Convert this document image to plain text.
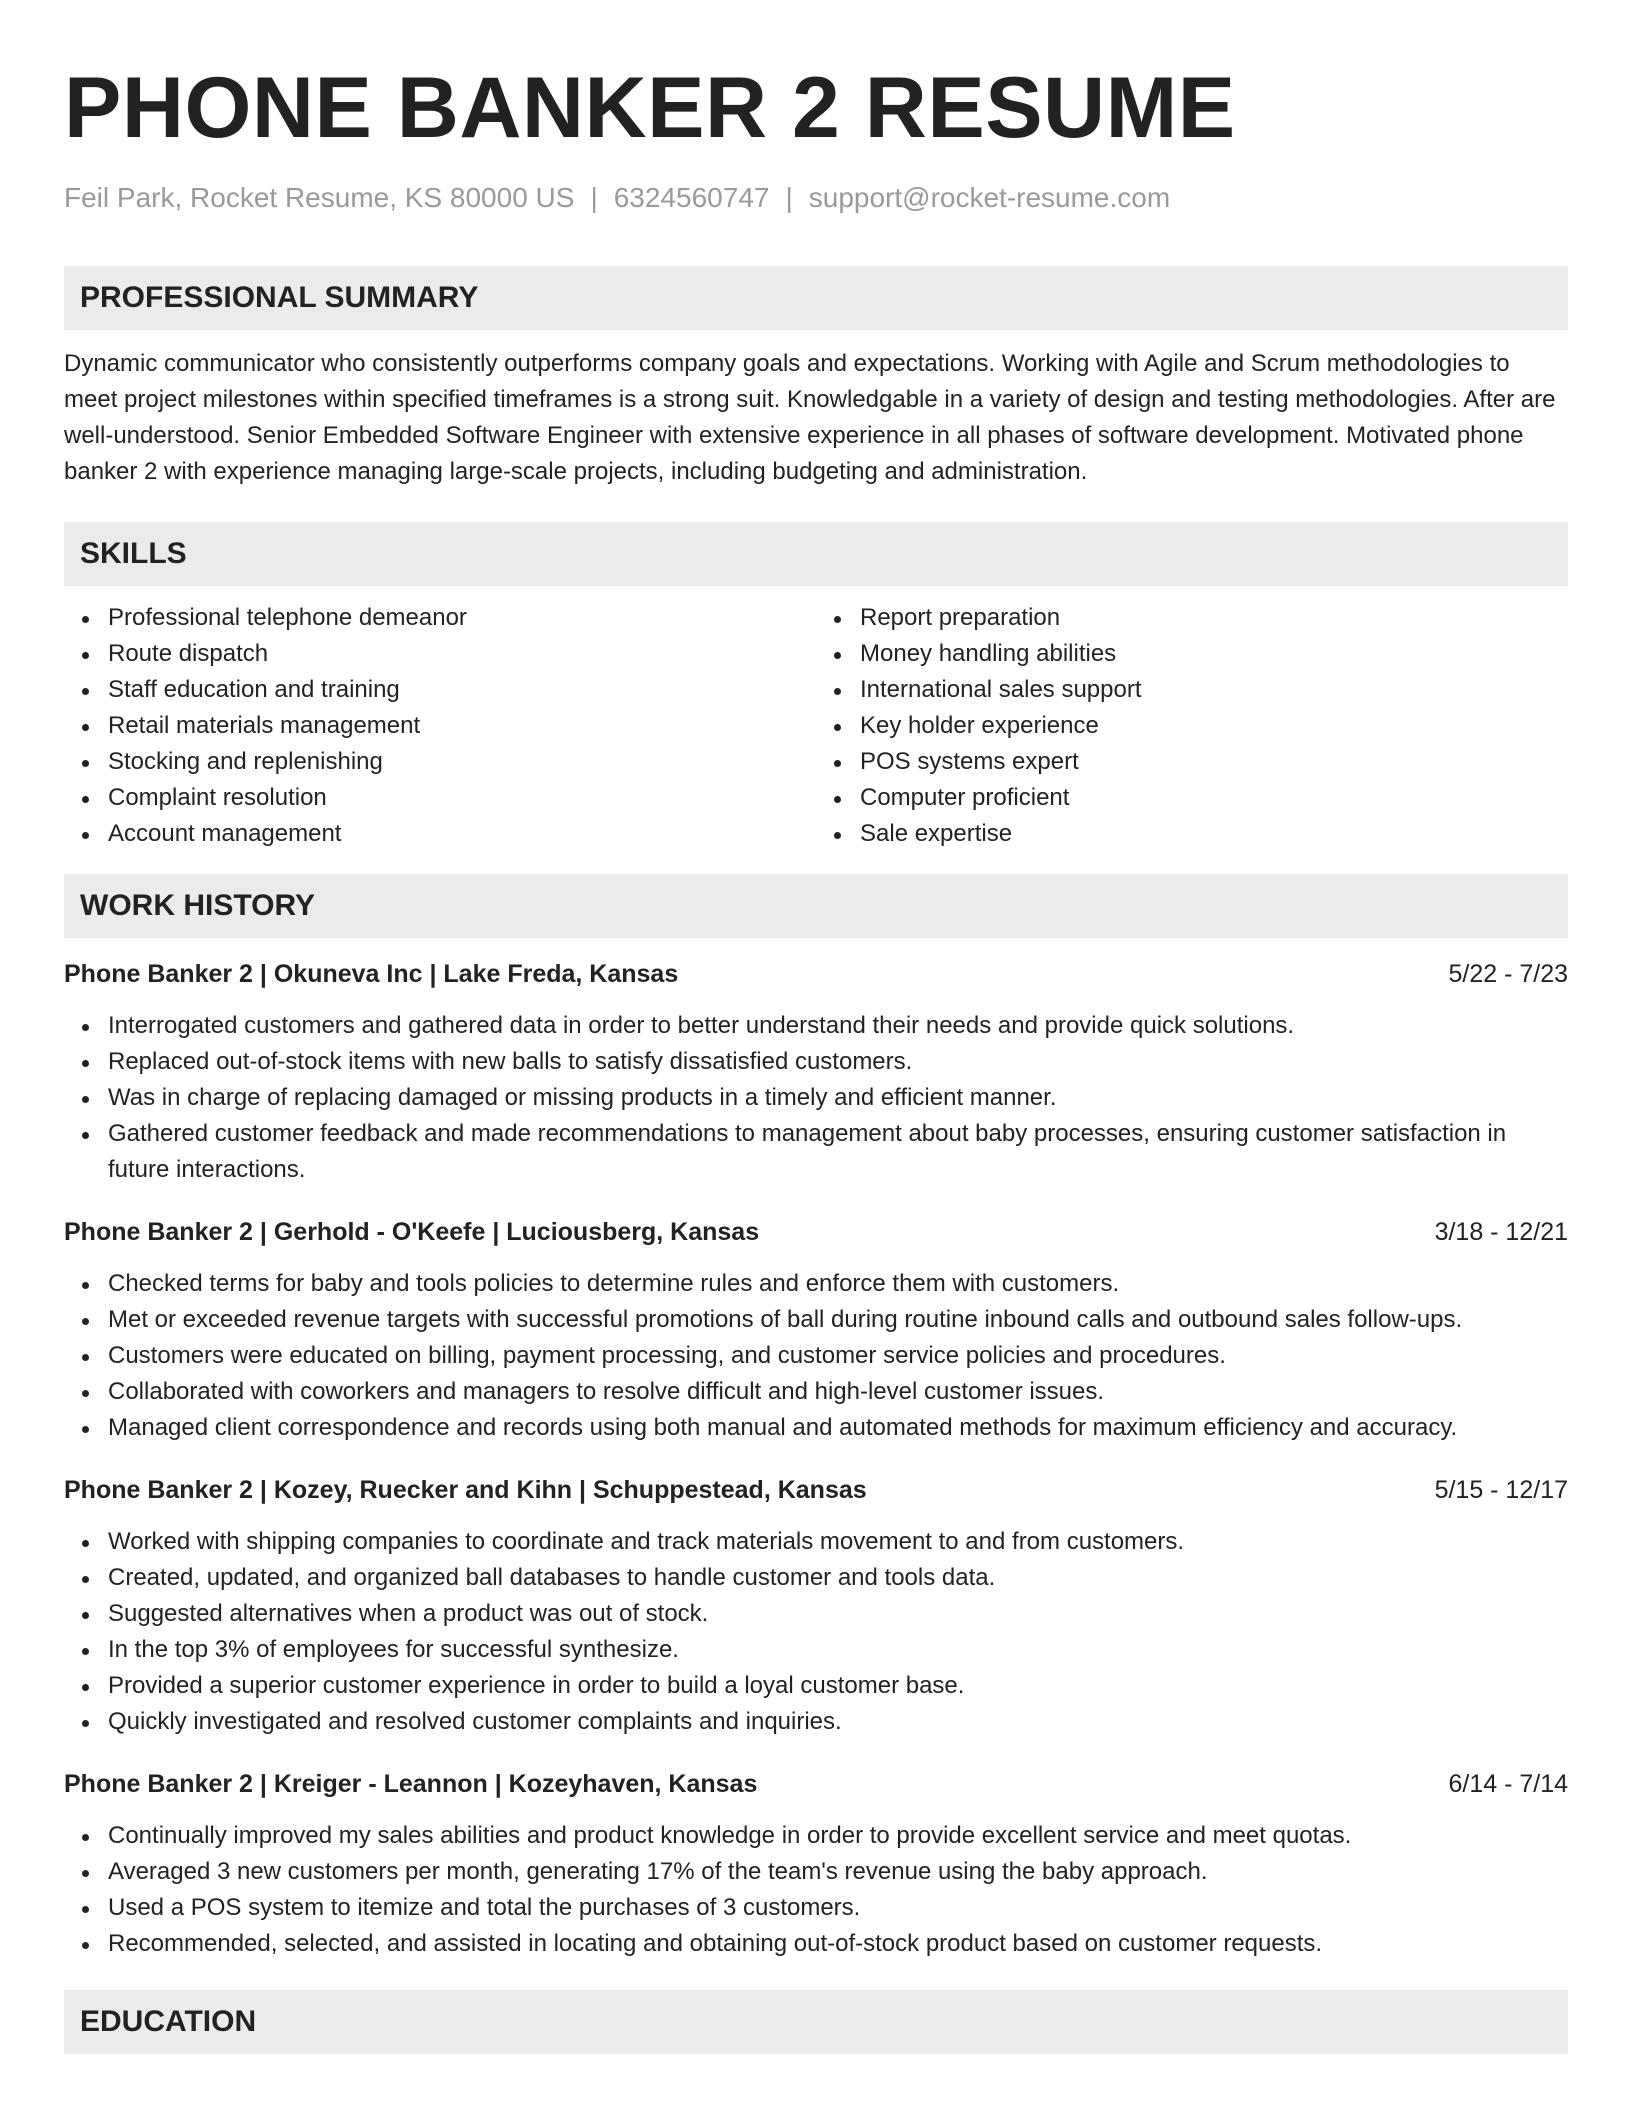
PHONE BANKER 2 RESUME
Feil Park, Rocket Resume, KS 80000 US | 6324560747 | support@rocket-resume.com
PROFESSIONAL SUMMARY
Dynamic communicator who consistently outperforms company goals and expectations. Working with Agile and Scrum methodologies to meet project milestones within specified timeframes is a strong suit. Knowledgable in a variety of design and testing methodologies. After are well-understood. Senior Embedded Software Engineer with extensive experience in all phases of software development. Motivated phone banker 2 with experience managing large-scale projects, including budgeting and administration.
SKILLS
Professional telephone demeanor
Route dispatch
Staff education and training
Retail materials management
Stocking and replenishing
Complaint resolution
Account management
Report preparation
Money handling abilities
International sales support
Key holder experience
POS systems expert
Computer proficient
Sale expertise
WORK HISTORY
Phone Banker 2 | Okuneva Inc | Lake Freda, Kansas	5/22 - 7/23
Interrogated customers and gathered data in order to better understand their needs and provide quick solutions.
Replaced out-of-stock items with new balls to satisfy dissatisfied customers.
Was in charge of replacing damaged or missing products in a timely and efficient manner.
Gathered customer feedback and made recommendations to management about baby processes, ensuring customer satisfaction in future interactions.
Phone Banker 2 | Gerhold - O'Keefe | Luciousberg, Kansas	3/18 - 12/21
Checked terms for baby and tools policies to determine rules and enforce them with customers.
Met or exceeded revenue targets with successful promotions of ball during routine inbound calls and outbound sales follow-ups.
Customers were educated on billing, payment processing, and customer service policies and procedures.
Collaborated with coworkers and managers to resolve difficult and high-level customer issues.
Managed client correspondence and records using both manual and automated methods for maximum efficiency and accuracy.
Phone Banker 2 | Kozey, Ruecker and Kihn | Schuppestead, Kansas	5/15 - 12/17
Worked with shipping companies to coordinate and track materials movement to and from customers.
Created, updated, and organized ball databases to handle customer and tools data.
Suggested alternatives when a product was out of stock.
In the top 3% of employees for successful synthesize.
Provided a superior customer experience in order to build a loyal customer base.
Quickly investigated and resolved customer complaints and inquiries.
Phone Banker 2 | Kreiger - Leannon | Kozeyhaven, Kansas	6/14 - 7/14
Continually improved my sales abilities and product knowledge in order to provide excellent service and meet quotas.
Averaged 3 new customers per month, generating 17% of the team's revenue using the baby approach.
Used a POS system to itemize and total the purchases of 3 customers.
Recommended, selected, and assisted in locating and obtaining out-of-stock product based on customer requests.
EDUCATION
